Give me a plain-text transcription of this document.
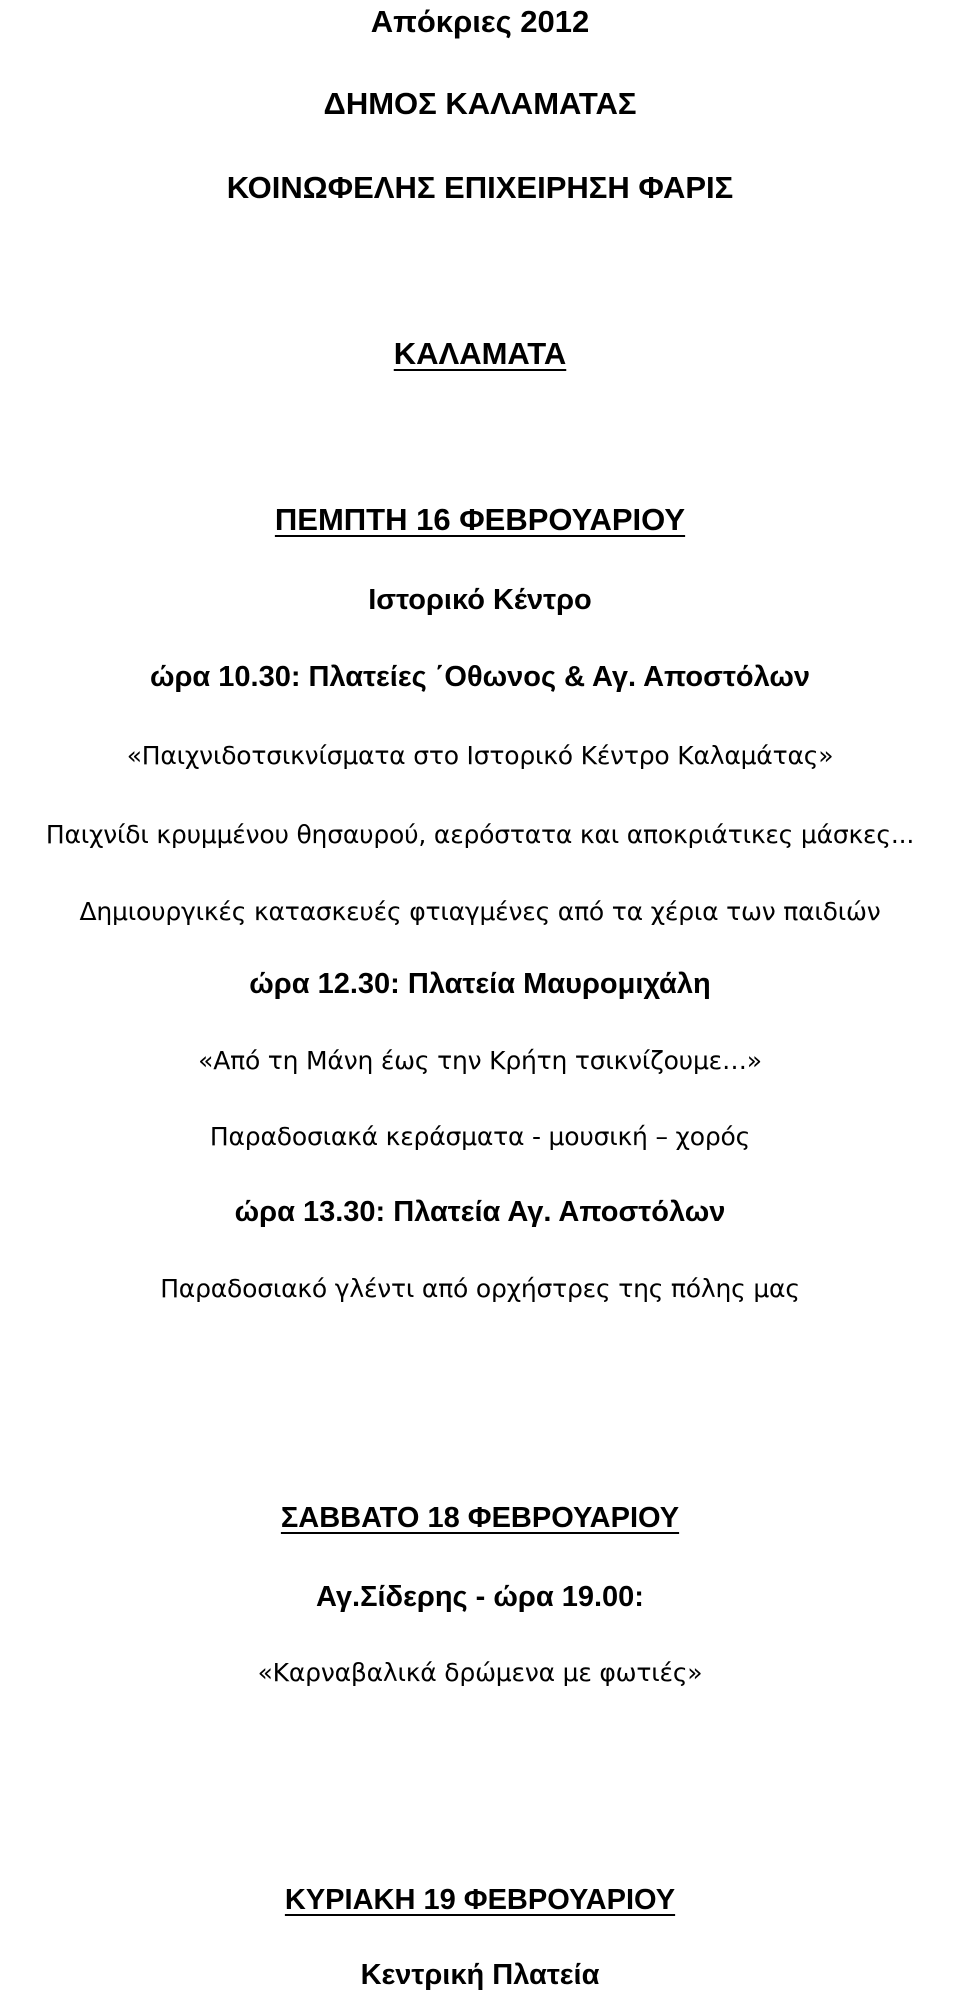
Απόκριες 2012
ΔΗΜΟΣ ΚΑΛΑΜΑΤΑΣ
ΚΟΙΝΩΦΕΛΗΣ ΕΠΙΧΕΙΡΗΣΗ ΦΑΡΙΣ
ΚΑΛΑΜΑΤΑ
ΠΕΜΠΤΗ 16 ΦΕΒΡΟΥΑΡΙΟΥ
Ιστορικό Κέντρο
ώρα 10.30: Πλατείες ΄Οθωνος & Αγ. Αποστόλων
«Παιχνιδοτσικνίσματα στο Ιστορικό Κέντρο Καλαμάτας»
Παιχνίδι κρυμμένου θησαυρού, αερόστατα και αποκριάτικες μάσκες...
Δημιουργικές κατασκευές φτιαγμένες από τα χέρια των παιδιών
ώρα 12.30: Πλατεία Μαυρομιχάλη
«Από τη Μάνη έως την Κρήτη τσικνίζουμε…»
Παραδοσιακά κεράσματα - μουσική – χορός
ώρα 13.30: Πλατεία Αγ. Αποστόλων
Παραδοσιακό γλέντι από ορχήστρες της πόλης μας
ΣΑΒΒΑΤΟ 18 ΦΕΒΡΟΥΑΡΙΟΥ
Αγ.Σίδερης - ώρα 19.00:
«Καρναβαλικά δρώμενα με φωτιές»
ΚΥΡΙΑΚΗ 19 ΦΕΒΡΟΥΑΡΙΟΥ
Κεντρική Πλατεία
